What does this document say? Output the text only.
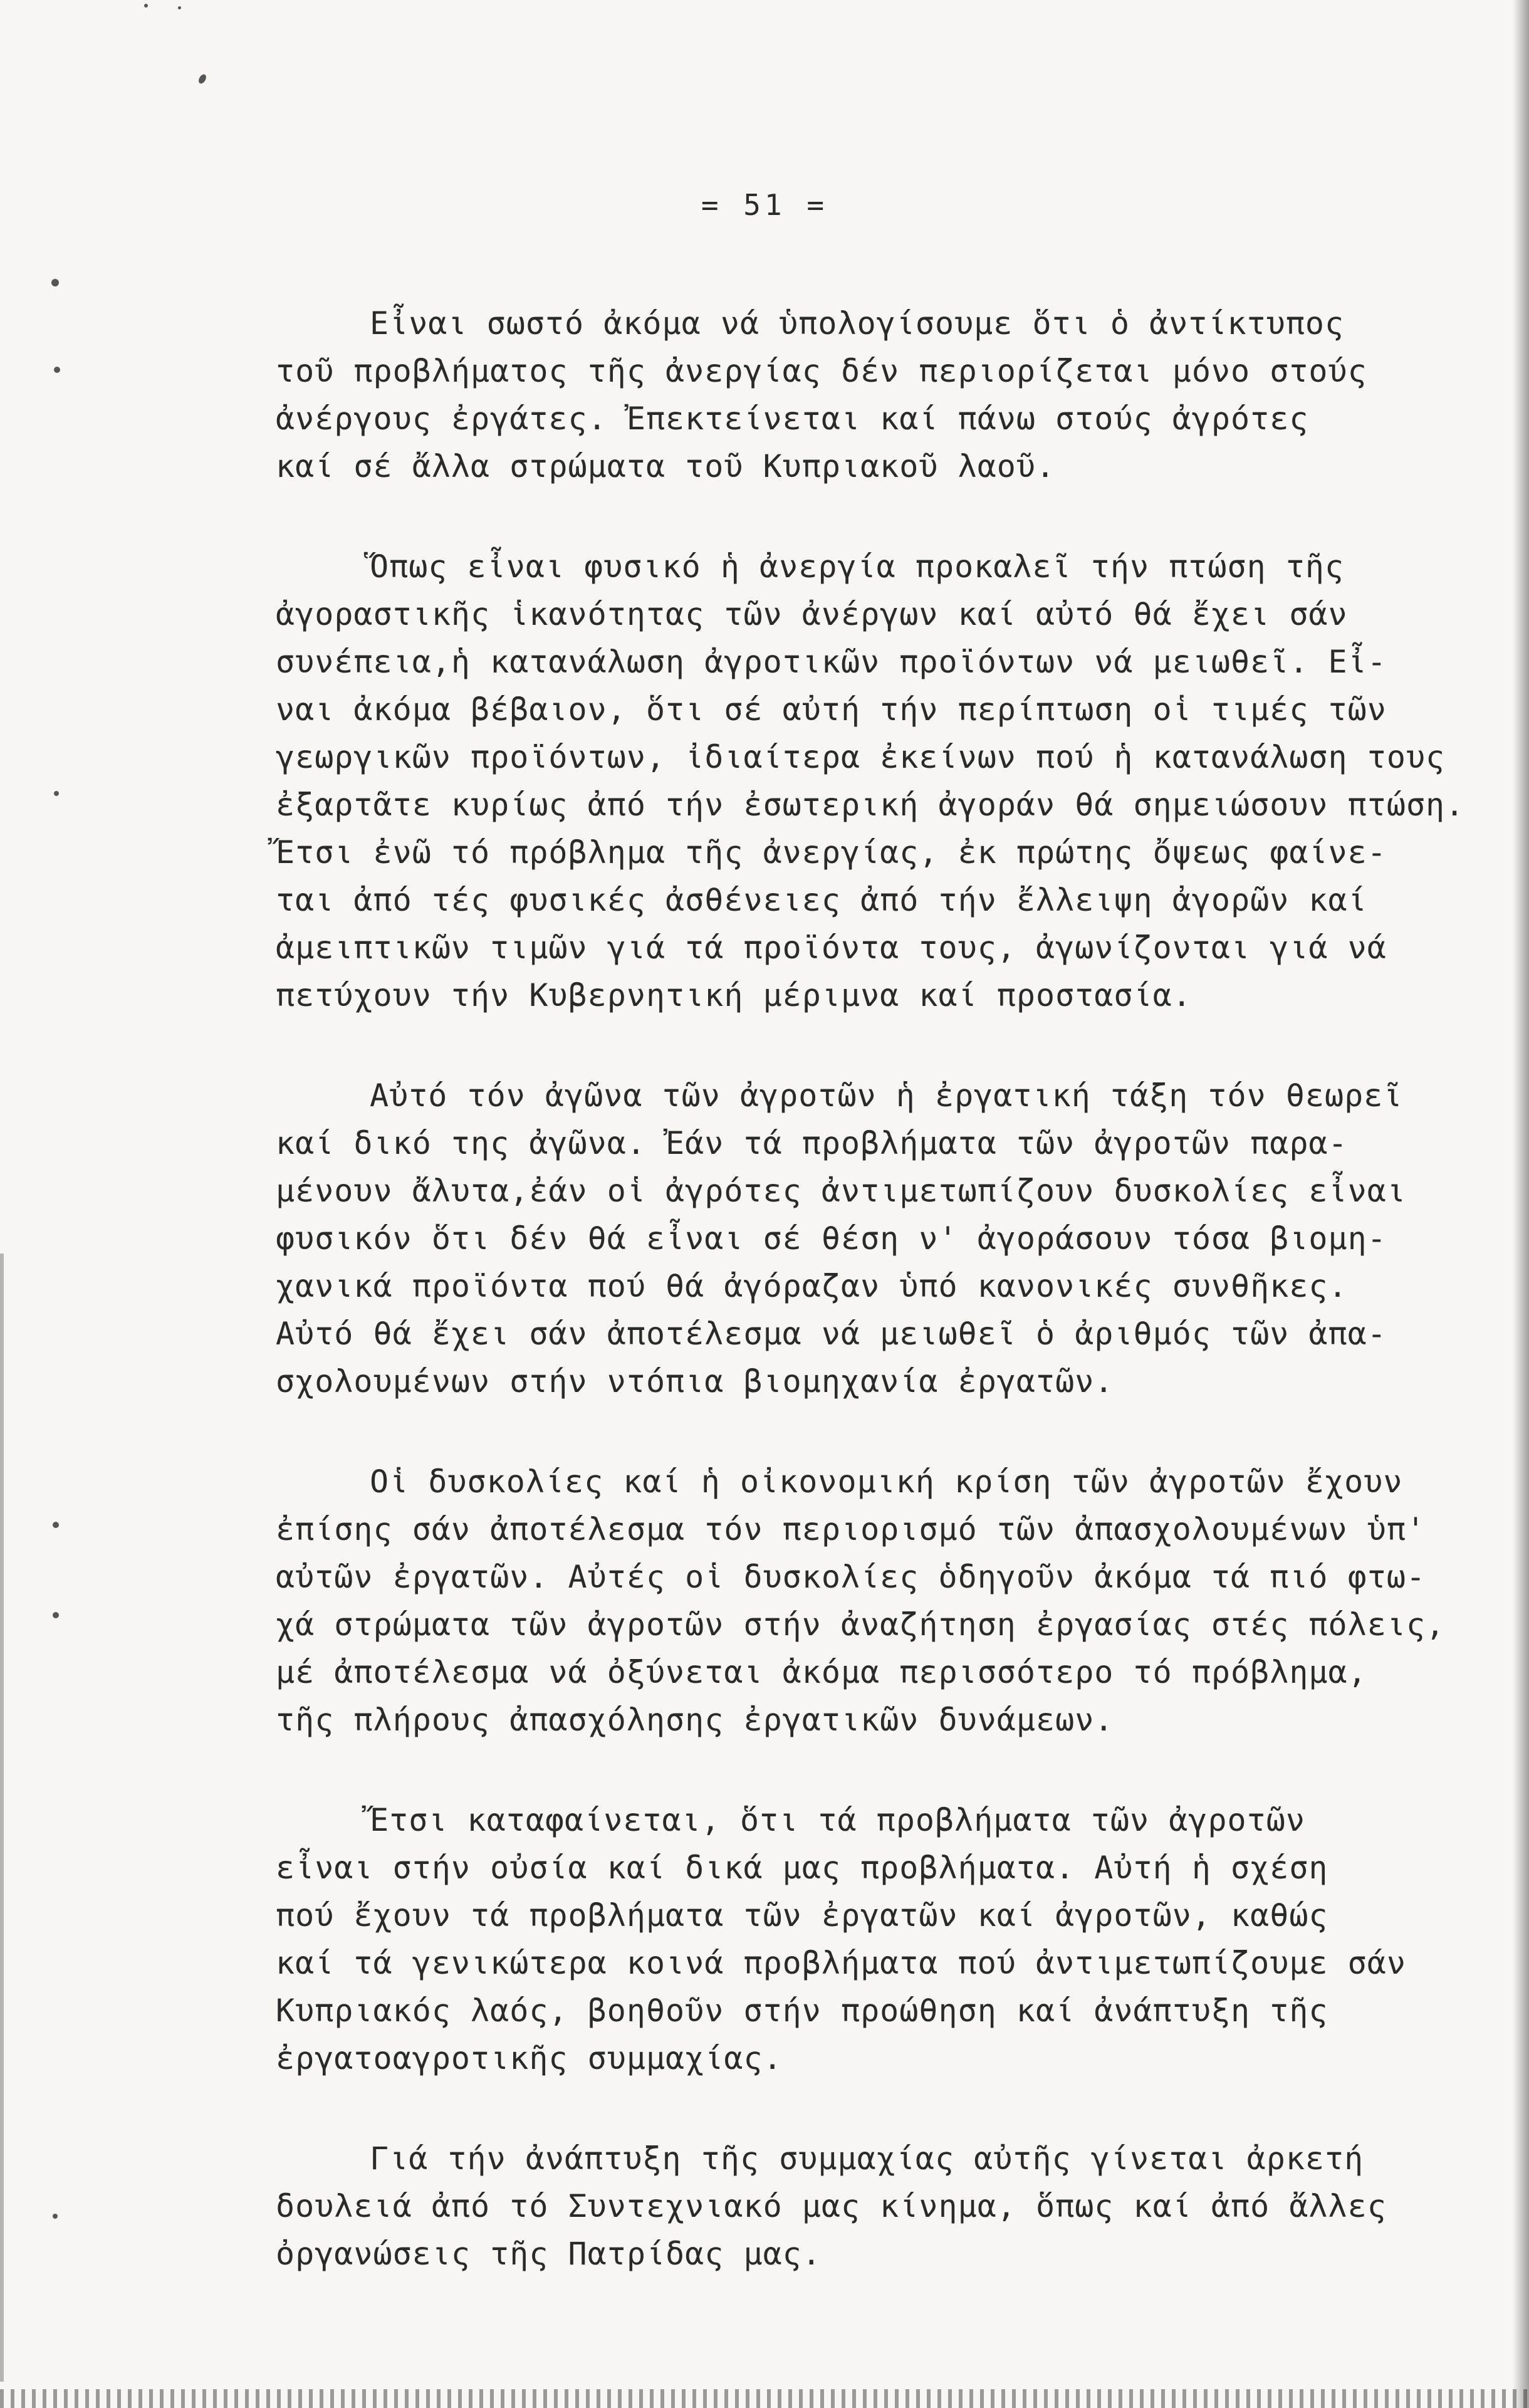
= 51 =
Εἶναι σωστό ἀκόμα νά ὑπολογίσουμε ὅτι ὁ ἀντίκτυπος
τοῦ προβλήματος τῆς ἀνεργίας δέν περιορίζεται μόνο στούς
ἀνέργους ἐργάτες. Ἐπεκτείνεται καί πάνω στούς ἀγρότες
καί σέ ἄλλα στρώματα τοῦ Κυπριακοῦ λαοῦ.
Ὅπως εἶναι φυσικό ἡ ἀνεργία προκαλεῖ τήν πτώση τῆς
ἀγοραστικῆς ἱκανότητας τῶν ἀνέργων καί αὐτό θά ἔχει σάν
συνέπεια,ἡ κατανάλωση ἀγροτικῶν προϊόντων νά μειωθεῖ. Εἶ-
ναι ἀκόμα βέβαιον, ὅτι σέ αὐτή τήν περίπτωση οἱ τιμές τῶν
γεωργικῶν προϊόντων, ἰδιαίτερα ἐκείνων πού ἡ κατανάλωση τους
ἐξαρτᾶτε κυρίως ἀπό τήν ἐσωτερική ἀγοράν θά σημειώσουν πτώση.
Ἔτσι ἐνῶ τό πρόβλημα τῆς ἀνεργίας, ἐκ πρώτης ὄψεως φαίνε-
ται ἀπό τές φυσικές ἀσθένειες ἀπό τήν ἔλλειψη ἀγορῶν καί
ἀμειπτικῶν τιμῶν γιά τά προϊόντα τους, ἀγωνίζονται γιά νά
πετύχουν τήν Κυβερνητική μέριμνα καί προστασία.
Αὐτό τόν ἀγῶνα τῶν ἀγροτῶν ἡ ἐργατική τάξη τόν θεωρεῖ
καί δικό της ἀγῶνα. Ἐάν τά προβλήματα τῶν ἀγροτῶν παρα-
μένουν ἄλυτα,ἐάν οἱ ἀγρότες ἀντιμετωπίζουν δυσκολίες εἶναι
φυσικόν ὅτι δέν θά εἶναι σέ θέση ν' ἀγοράσουν τόσα βιομη-
χανικά προϊόντα πού θά ἀγόραζαν ὑπό κανονικές συνθῆκες.
Αὐτό θά ἔχει σάν ἀποτέλεσμα νά μειωθεῖ ὁ ἀριθμός τῶν ἀπα-
σχολουμένων στήν ντόπια βιομηχανία ἐργατῶν.
Οἱ δυσκολίες καί ἡ οἰκονομική κρίση τῶν ἀγροτῶν ἔχουν
ἐπίσης σάν ἀποτέλεσμα τόν περιορισμό τῶν ἀπασχολουμένων ὑπ'
αὐτῶν ἐργατῶν. Αὐτές οἱ δυσκολίες ὁδηγοῦν ἀκόμα τά πιό φτω-
χά στρώματα τῶν ἀγροτῶν στήν ἀναζήτηση ἐργασίας στές πόλεις,
μέ ἀποτέλεσμα νά ὀξύνεται ἀκόμα περισσότερο τό πρόβλημα,
τῆς πλήρους ἀπασχόλησης ἐργατικῶν δυνάμεων.
Ἔτσι καταφαίνεται, ὅτι τά προβλήματα τῶν ἀγροτῶν
εἶναι στήν οὐσία καί δικά μας προβλήματα. Αὐτή ἡ σχέση
πού ἔχουν τά προβλήματα τῶν ἐργατῶν καί ἀγροτῶν, καθώς
καί τά γενικώτερα κοινά προβλήματα πού ἀντιμετωπίζουμε σάν
Κυπριακός λαός, βοηθοῦν στήν προώθηση καί ἀνάπτυξη τῆς
ἐργατοαγροτικῆς συμμαχίας.
Γιά τήν ἀνάπτυξη τῆς συμμαχίας αὐτῆς γίνεται ἀρκετή
δουλειά ἀπό τό Συντεχνιακό μας κίνημα, ὅπως καί ἀπό ἄλλες
ὀργανώσεις τῆς Πατρίδας μας.
